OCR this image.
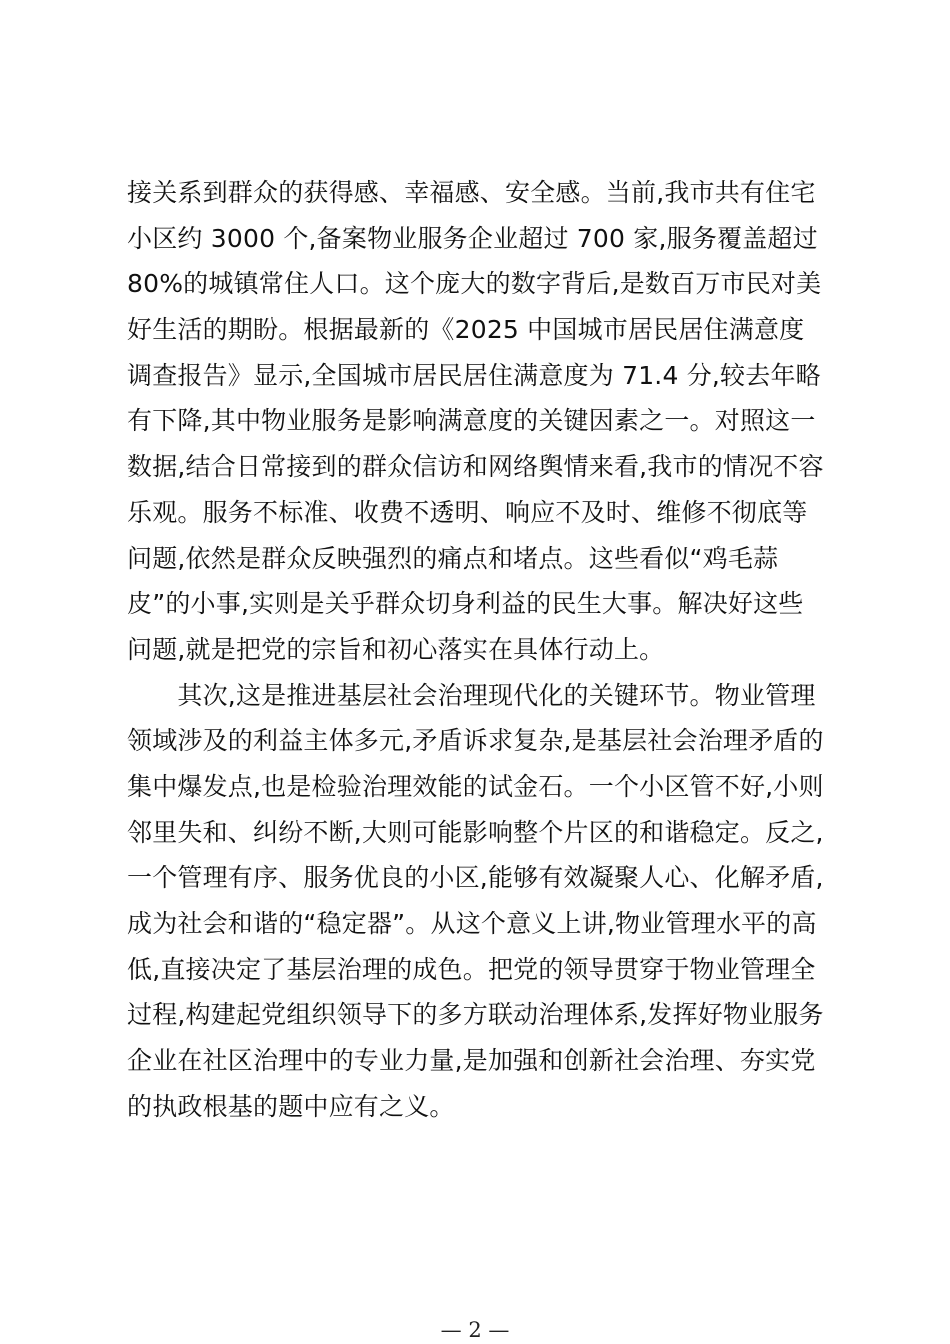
接关系到群众的获得感、幸福感、安全感。当前,我市共有住宅
小区约 3000 个,备案物业服务企业超过 700 家,服务覆盖超过
80%的城镇常住人口。这个庞大的数字背后,是数百万市民对美
好生活的期盼。根据最新的《2025 中国城市居民居住满意度
调查报告》显示,全国城市居民居住满意度为 71.4 分,较去年略
有下降,其中物业服务是影响满意度的关键因素之一。对照这一
数据,结合日常接到的群众信访和网络舆情来看,我市的情况不容
乐观。服务不标准、收费不透明、响应不及时、维修不彻底等
问题,依然是群众反映强烈的痛点和堵点。这些看似“鸡毛蒜
皮”的小事,实则是关乎群众切身利益的民生大事。解决好这些
问题,就是把党的宗旨和初心落实在具体行动上。
　　其次,这是推进基层社会治理现代化的关键环节。物业管理
领域涉及的利益主体多元,矛盾诉求复杂,是基层社会治理矛盾的
集中爆发点,也是检验治理效能的试金石。一个小区管不好,小则
邻里失和、纠纷不断,大则可能影响整个片区的和谐稳定。反之,
一个管理有序、服务优良的小区,能够有效凝聚人心、化解矛盾,
成为社会和谐的“稳定器”。从这个意义上讲,物业管理水平的高
低,直接决定了基层治理的成色。把党的领导贯穿于物业管理全
过程,构建起党组织领导下的多方联动治理体系,发挥好物业服务
企业在社区治理中的专业力量,是加强和创新社会治理、夯实党
的执政根基的题中应有之义。
— 2 —
